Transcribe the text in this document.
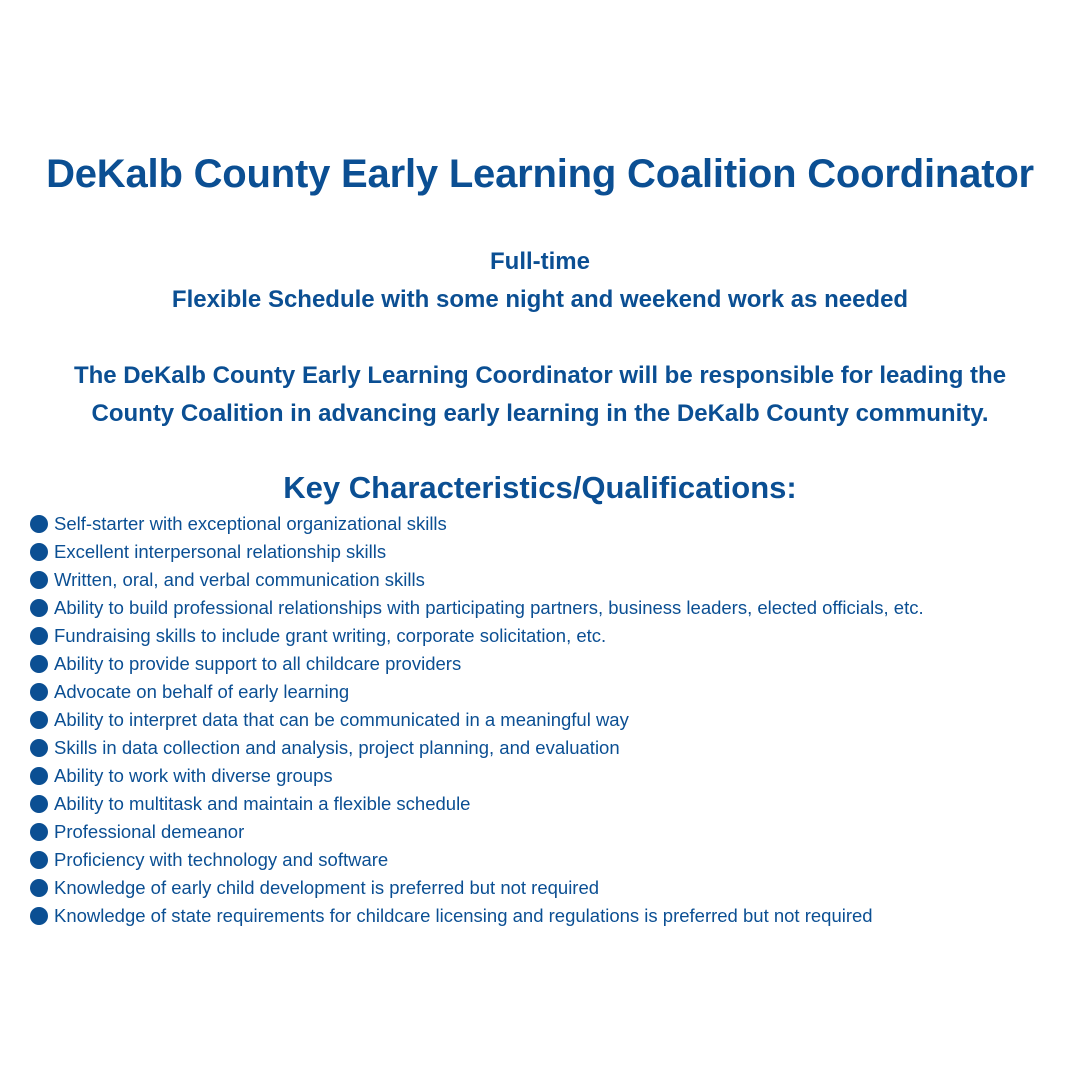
DeKalb County Early Learning Coalition Coordinator
Full-time
Flexible Schedule with some night and weekend work as needed
The DeKalb County Early Learning Coordinator will be responsible for leading the
County Coalition in advancing early learning in the DeKalb County community.
Key Characteristics/Qualifications:
Self-starter with exceptional organizational skills
Excellent interpersonal relationship skills
Written, oral, and verbal communication skills
Ability to build professional relationships with participating partners, business leaders, elected officials, etc.
Fundraising skills to include grant writing, corporate solicitation, etc.
Ability to provide support to all childcare providers
Advocate on behalf of early learning
Ability to interpret data that can be communicated in a meaningful way
Skills in data collection and analysis, project planning, and evaluation
Ability to work with diverse groups
Ability to multitask and maintain a flexible schedule
Professional demeanor
Proficiency with technology and software
Knowledge of early child development is preferred but not required
Knowledge of state requirements for childcare licensing and regulations is preferred but not required
